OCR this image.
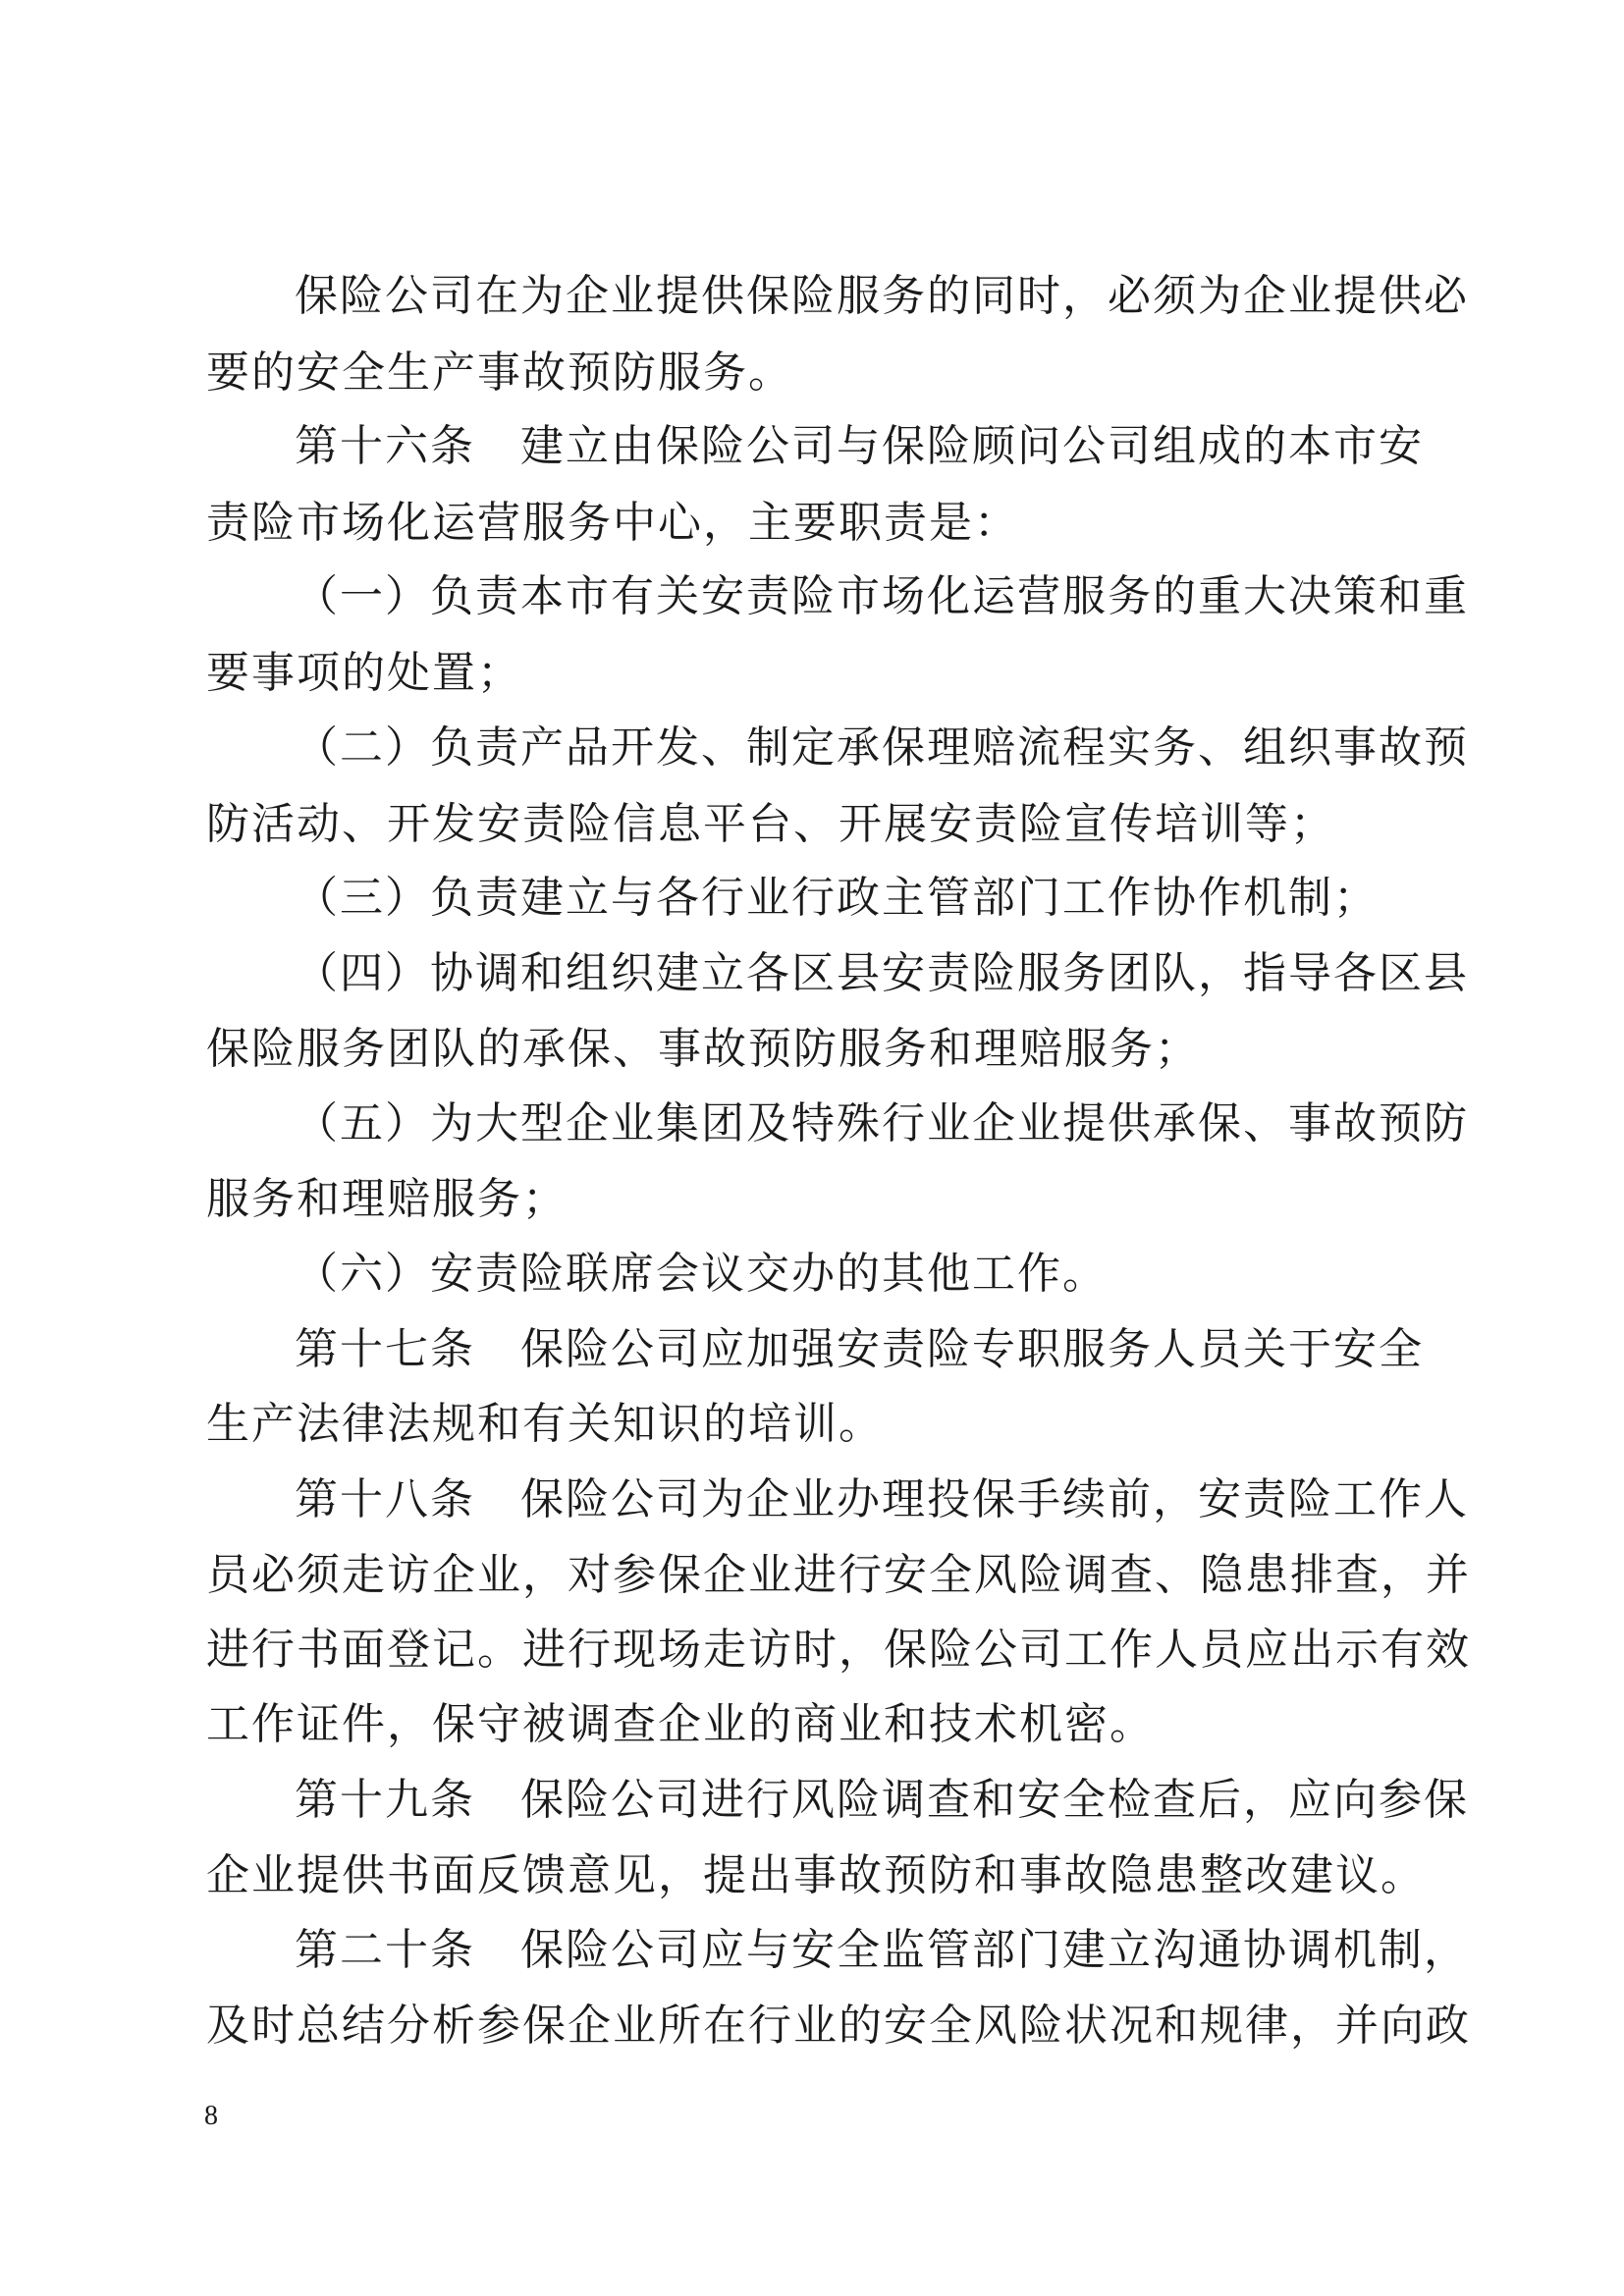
保险公司在为企业提供保险服务的同时，必须为企业提供必
要的安全生产事故预防服务。
第十六条　建立由保险公司与保险顾问公司组成的本市安
责险市场化运营服务中心，主要职责是：
（一）负责本市有关安责险市场化运营服务的重大决策和重
要事项的处置；
（二）负责产品开发、制定承保理赔流程实务、组织事故预
防活动、开发安责险信息平台、开展安责险宣传培训等；
（三）负责建立与各行业行政主管部门工作协作机制；
（四）协调和组织建立各区县安责险服务团队，指导各区县
保险服务团队的承保、事故预防服务和理赔服务；
（五）为大型企业集团及特殊行业企业提供承保、事故预防
服务和理赔服务；
（六）安责险联席会议交办的其他工作。
第十七条　保险公司应加强安责险专职服务人员关于安全
生产法律法规和有关知识的培训。
第十八条　保险公司为企业办理投保手续前，安责险工作人
员必须走访企业，对参保企业进行安全风险调查、隐患排查，并
进行书面登记。进行现场走访时，保险公司工作人员应出示有效
工作证件，保守被调查企业的商业和技术机密。
第十九条　保险公司进行风险调查和安全检查后，应向参保
企业提供书面反馈意见，提出事故预防和事故隐患整改建议。
第二十条　保险公司应与安全监管部门建立沟通协调机制，
及时总结分析参保企业所在行业的安全风险状况和规律，并向政
8
